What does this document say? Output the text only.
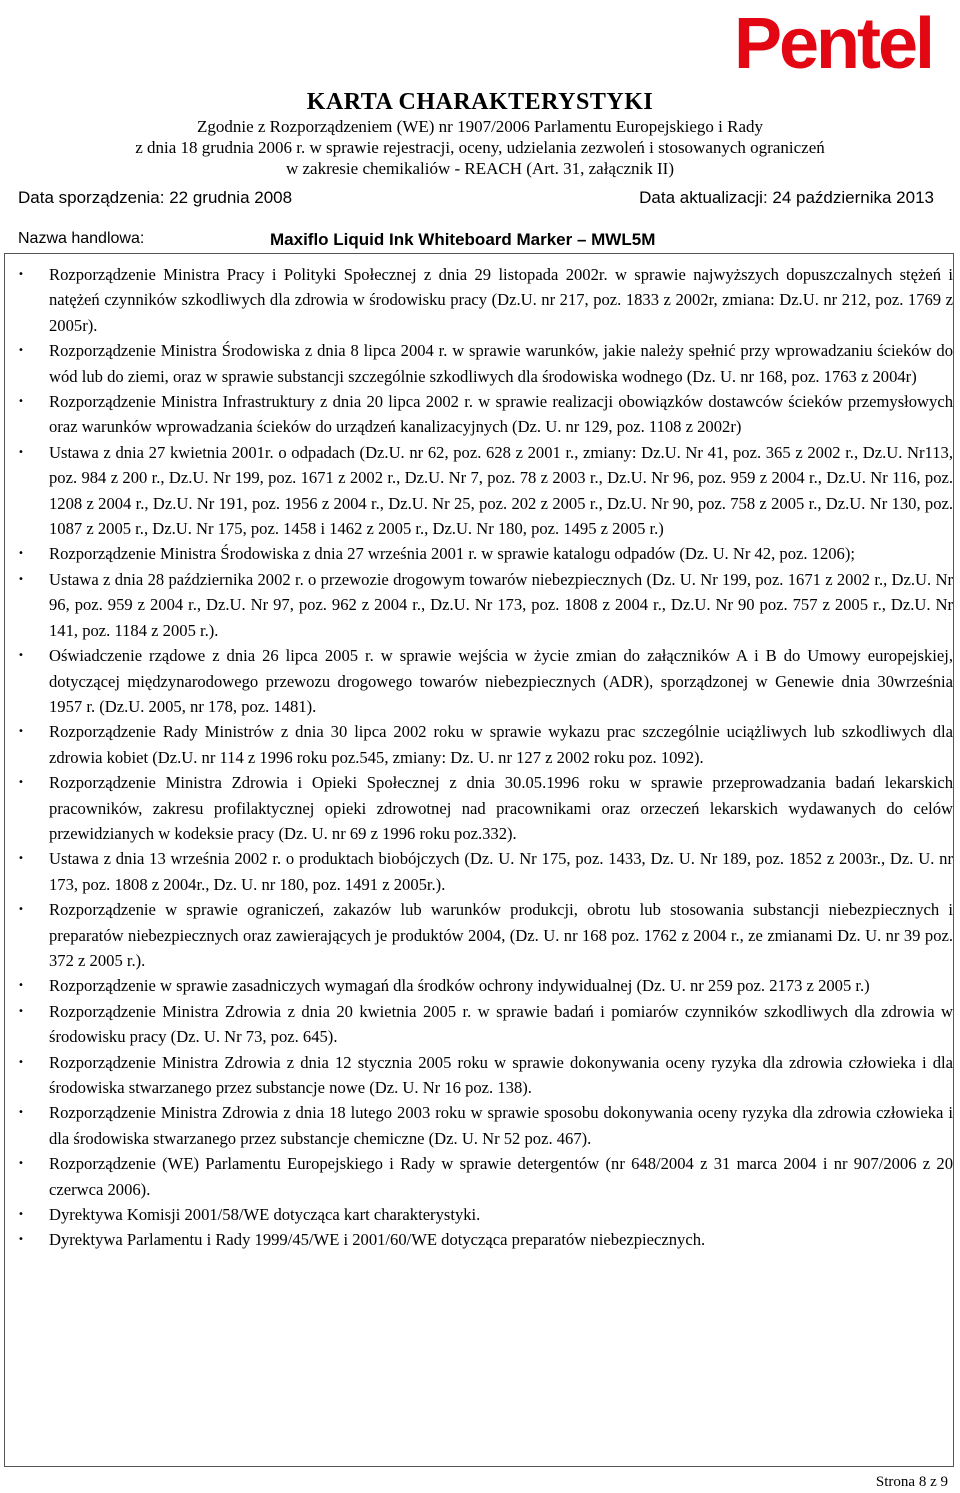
Pentel

KARTA CHARAKTERYSTYKI

Zgodnie z Rozporządzeniem (WE) nr 1907/2006 Parlamentu Europejskiego i Rady

z dnia 18 grudnia 2006 r. w sprawie rejestracji, oceny, udzielania zezwoleń i stosowanych ograniczeń

w zakresie chemikaliów - REACH (Art. 31, załącznik II)

Data sporządzenia: 22 grudnia 2008	Data aktualizacji: 24 października 2013
Nazwa handlowa:	Maxiflo Liquid Ink Whiteboard Marker – MWL5M
• Rozporządzenie Ministra Pracy i Polityki Społecznej z dnia 29 listopada 2002r. w sprawie najwyższych dopuszczalnych stężeń i natężeń czynników szkodliwych dla zdrowia w środowisku pracy (Dz.U. nr 217, poz. 1833 z 2002r, zmiana: Dz.U. nr 212, poz. 1769 z 2005r).
• Rozporządzenie Ministra Środowiska z dnia 8 lipca 2004 r. w sprawie warunków, jakie należy spełnić przy wprowadzaniu ścieków do wód lub do ziemi, oraz w sprawie substancji szczególnie szkodliwych dla środowiska wodnego (Dz. U. nr 168, poz. 1763 z 2004r)
• Rozporządzenie Ministra Infrastruktury z dnia 20 lipca 2002 r. w sprawie realizacji obowiązków dostawców ścieków przemysłowych oraz warunków wprowadzania ścieków do urządzeń kanalizacyjnych (Dz. U. nr 129, poz. 1108 z 2002r)
• Ustawa z dnia 27 kwietnia 2001r. o odpadach (Dz.U. nr 62, poz. 628 z 2001 r., zmiany: Dz.U. Nr 41, poz. 365 z 2002 r., Dz.U. Nr113, poz. 984 z 200 r., Dz.U. Nr 199, poz. 1671 z 2002 r., Dz.U. Nr 7, poz. 78 z 2003 r., Dz.U. Nr 96, poz. 959 z 2004 r., Dz.U. Nr 116, poz. 1208 z 2004 r., Dz.U. Nr 191, poz. 1956 z 2004 r., Dz.U. Nr 25, poz. 202 z 2005 r., Dz.U. Nr 90, poz. 758 z 2005 r., Dz.U. Nr 130, poz. 1087 z 2005 r., Dz.U. Nr 175, poz. 1458 i 1462 z 2005 r., Dz.U. Nr 180, poz. 1495 z 2005 r.)
• Rozporządzenie Ministra Środowiska z dnia 27 września 2001 r. w sprawie katalogu odpadów (Dz. U. Nr 42, poz. 1206);
• Ustawa z dnia 28 października 2002 r. o przewozie drogowym towarów niebezpiecznych (Dz. U. Nr 199, poz. 1671 z 2002 r., Dz.U. Nr 96, poz. 959 z 2004 r., Dz.U. Nr 97, poz. 962 z 2004 r., Dz.U. Nr 173, poz. 1808 z 2004 r., Dz.U. Nr 90 poz. 757 z 2005 r., Dz.U. Nr 141, poz. 1184 z 2005 r.).
• Oświadczenie rządowe z dnia 26 lipca 2005 r. w sprawie wejścia w życie zmian do załączników A i B do Umowy europejskiej, dotyczącej międzynarodowego przewozu drogowego towarów niebezpiecznych (ADR), sporządzonej w Genewie dnia 30września 1957 r. (Dz.U. 2005, nr 178, poz. 1481).
• Rozporządzenie Rady Ministrów z dnia 30 lipca 2002 roku w sprawie wykazu prac szczególnie uciążliwych lub szkodliwych dla zdrowia kobiet (Dz.U. nr 114 z 1996 roku poz.545, zmiany: Dz. U. nr 127 z 2002 roku poz. 1092).
• Rozporządzenie Ministra Zdrowia i Opieki Społecznej z dnia 30.05.1996 roku w sprawie przeprowadzania badań lekarskich pracowników, zakresu profilaktycznej opieki zdrowotnej nad pracownikami oraz orzeczeń lekarskich wydawanych do celów przewidzianych w kodeksie pracy (Dz. U. nr 69 z 1996 roku poz.332).
• Ustawa z dnia 13 września 2002 r. o produktach biobójczych (Dz. U. Nr 175, poz. 1433, Dz. U. Nr 189, poz. 1852 z 2003r., Dz. U. nr 173, poz. 1808 z 2004r., Dz. U. nr 180, poz. 1491 z 2005r.).
• Rozporządzenie w sprawie ograniczeń, zakazów lub warunków produkcji, obrotu lub stosowania substancji niebezpiecznych i preparatów niebezpiecznych oraz zawierających je produktów 2004, (Dz. U. nr 168 poz. 1762 z 2004 r., ze zmianami Dz. U. nr 39 poz. 372 z 2005 r.).
• Rozporządzenie w sprawie zasadniczych wymagań dla środków ochrony indywidualnej (Dz. U. nr 259 poz. 2173 z 2005 r.)
• Rozporządzenie Ministra Zdrowia z dnia 20 kwietnia 2005 r. w sprawie badań i pomiarów czynników szkodliwych dla zdrowia w środowisku pracy (Dz. U. Nr 73, poz. 645).
• Rozporządzenie Ministra Zdrowia z dnia 12 stycznia 2005 roku w sprawie dokonywania oceny ryzyka dla zdrowia człowieka i dla środowiska stwarzanego przez substancje nowe (Dz. U. Nr 16 poz. 138).
• Rozporządzenie Ministra Zdrowia z dnia 18 lutego 2003 roku w sprawie sposobu dokonywania oceny ryzyka dla zdrowia człowieka i dla środowiska stwarzanego przez substancje chemiczne (Dz. U. Nr 52 poz. 467).
• Rozporządzenie (WE) Parlamentu Europejskiego i Rady w sprawie detergentów (nr 648/2004 z 31 marca 2004 i nr 907/2006 z 20 czerwca 2006).
• Dyrektywa Komisji 2001/58/WE dotycząca kart charakterystyki.
• Dyrektywa Parlamentu i Rady 1999/45/WE i 2001/60/WE dotycząca preparatów niebezpiecznych.
Strona 8 z 9
